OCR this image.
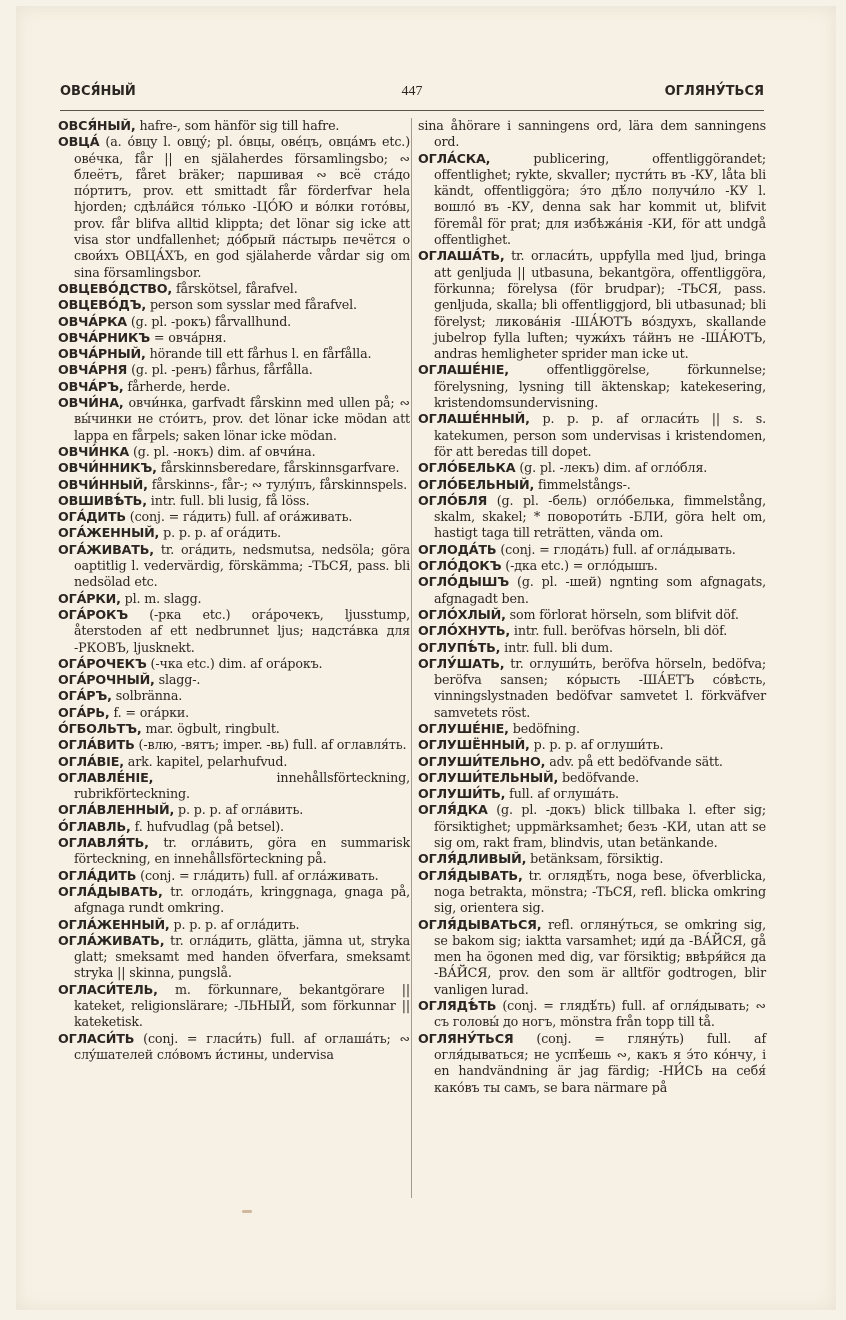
ОВСЯ́НЫЙ	447	ОГЛЯНУ́ТЬСЯ

ОВСЯ́НЫЙ, hafre-, som hänför sig till hafre.

ОВЦА́ (a. о́вцу l. овцу́; pl. о́вцы, ове́цъ, овца́мъ etc.) ове́чка, får || en själaherdes församlingsbo; ∾ блеётъ, fåret bräker; паршивая ∾ всё ста́до по́ртитъ, prov. ett smittadt får förderfvar hela hjorden; сдѣла́йся то́лько -ЦО́Ю и во́лки гото́вы, prov. får blifva alltid klippta; det lönar sig icke att visa stor undfallenhet; до́брый па́стырь печётся о свои́хъ ОВЦА́ХЪ, en god själaherde vårdar sig om sina församlingsbor.

ОВЦЕВО́ДСТВО, fårskötsel, fårafvel.

ОВЦЕВО́ДЪ, person som sysslar med fårafvel.

ОВЧА́РКА (g. pl. -рокъ) fårvallhund.

ОВЧА́РНИКЪ = овча́рня.

ОВЧА́РНЫЙ, hörande till ett fårhus l. en fårfålla.

ОВЧА́РНЯ (g. pl. -ренъ) fårhus, fårfålla.

ОВЧА́РЪ, fårherde, herde.

ОВЧИ́НА, овчи́нка, garfvadt fårskinn med ullen på; ∾ вы́чинки не сто́итъ, prov. det lönar icke mödan att lappa en fårpels; saken lönar icke mödan.

ОВЧИ́НКА (g. pl. -нокъ) dim. af овчи́на.

ОВЧИ́ННИКЪ, fårskinnsberedare, fårskinnsgarfvare.

ОВЧИ́ННЫЙ, fårskinns-, får-; ∾ тулу́пъ, fårskinnspels.

ОВШИВѢ́ТЬ, intr. full. bli lusig, få löss.

ОГА́ДИТЬ (conj. = га́дить) full. af ога́живать.

ОГА́ЖЕННЫЙ, p. p. p. af ога́дить.

ОГА́ЖИВАТЬ, tr. ога́дить, nedsmutsa, nedsöla; göra oaptitlig l. vedervärdig, förskämma; -ТЬСЯ, pass. bli nedsölad etc.

ОГА́РКИ, pl. m. slagg.

ОГА́РОКЪ (-рка etc.) ога́рочекъ, ljusstump, återstoden af ett nedbrunnet ljus; надста́вка для -РКОВЪ, ljusknekt.

ОГА́РОЧЕКЪ (-чка etc.) dim. af ога́рокъ.

ОГА́РОЧНЫЙ, slagg-.

ОГА́РЪ, solbränna.

ОГА́РЬ, f. = ога́рки.

О́ГБОЛЬТЪ, mar. ögbult, ringbult.

ОГЛА́ВИТЬ (-влю, -вятъ; imper. -вь) full. af оглавля́ть.

ОГЛА́ВІЕ, ark. kapitel, pelarhufvud.

ОГЛАВЛЕ́НІЕ,	innehållsförteckning, rubrikförteckning.

ОГЛА́ВЛЕННЫЙ, p. p. p. af огла́вить.

О́ГЛАВЛЬ, f. hufvudlag (på betsel).

ОГЛАВЛЯ́ТЬ, tr. огла́вить, göra en summarisk förteckning, en innehållsförteckning på.

ОГЛА́ДИТЬ (conj. = гла́дить) full. af огла́живать.

ОГЛА́ДЫВАТЬ, tr. оглода́ть, kringgnaga, gnaga på, afgnaga rundt omkring.

ОГЛА́ЖЕННЫЙ, p. p. p. af огла́дить.

ОГЛА́ЖИВАТЬ, tr. огла́дить, glätta, jämna ut, stryka glatt; smeksamt med handen öfverfara, smeksamt stryka || skinna, pungslå.

ОГЛАСИ́ТЕЛЬ, m. förkunnare, bekantgörare || kateket, religionslärare; -ЛЬНЫЙ, som förkunnar || kateketisk.

ОГЛАСИ́ТЬ (conj. = гласи́ть) full. af оглаша́ть; ∾ слу́шателей сло́вомъ и́стины, undervisa

sina åhörare i sanningens ord, lära dem sanningens ord.

ОГЛА́СКА,	publicering, offentliggörandet; offentlighet; rykte, skvaller; пусти́ть въ -КУ, låta bli kändt, offentliggöra; э́то дѣ́ло получи́ло -КУ l. вошло́ въ -КУ, denna sak har kommit ut, blifvit föremål för prat; для избѣжа́нія -КИ, för att undgå offentlighet.

ОГЛАША́ТЬ, tr. огласи́ть, uppfylla med ljud, bringa att genljuda || utbasuna, bekantgöra, offentliggöra, förkunna; förelysa (för brudpar); -ТЬСЯ, pass. genljuda, skalla; bli offentliggjord, bli utbasunad; bli förelyst; ликова́нія -ША́ЮТЪ во́здухъ, skallande jubelrop fylla luften; чужи́хъ та́йнъ не -ША́ЮТЪ, andras hemligheter sprider man icke ut.

ОГЛАШЕ́НІЕ,	offentliggörelse, förkunnelse; förelysning, lysning till äktenskap; katekesering, kristendomsundervisning.

ОГЛАШЕ́ННЫЙ, p. p. p. af огласи́ть || s. s. katekumen, person som undervisas i kristendomen, för att beredas till dopet.

ОГЛО́БЕЛЬКА (g. pl. -лекъ) dim. af огло́бля.

ОГЛО́БЕЛЬНЫЙ, fimmelstångs-.

ОГЛО́БЛЯ (g. pl. -бель) огло́белька, fimmelstång, skalm, skakel; * повороти́ть -БЛИ, göra helt om, hastigt taga till reträtten, vända om.

ОГЛОДА́ТЬ (conj. = глода́ть) full. af огла́дывать.

ОГЛО́ДОКЪ (-дка etc.) = огло́дышъ.

ОГЛО́ДЫШЪ (g. pl. -шей) ngnting som afgnagats, afgnagadt ben.

ОГЛО́ХЛЫЙ, som förlorat hörseln, som blifvit döf.

ОГЛО́ХНУТЬ, intr. full. beröfvas hörseln, bli döf.

ОГЛУПѢ́ТЬ, intr. full. bli dum.

ОГЛУ́ШАТЬ, tr. оглуши́ть, beröfva hörseln, bedöfva; beröfva sansen; ко́рысть -ША́ЕТЪ со́вѣсть, vinningslystnaden bedöfvar samvetet l. förkväfver samvetets röst.

ОГЛУШЕ́НІЕ, bedöfning.

ОГЛУШЁННЫЙ, p. p. p. af оглуши́ть.

ОГЛУШИ́ТЕЛЬНО, adv. på ett bedöfvande sätt.

ОГЛУШИ́ТЕЛЬНЫЙ, bedöfvande.

ОГЛУШИ́ТЬ, full. af оглуша́ть.

ОГЛЯ́ДКА (g. pl. -докъ) blick tillbaka l. efter sig; försiktighet; uppmärksamhet; безъ -КИ, utan att se sig om, rakt fram, blindvis, utan betänkande.

ОГЛЯ́ДЛИВЫЙ, betänksam, försiktig.

ОГЛЯ́ДЫВАТЬ, tr. оглядѣ́ть, noga bese, öfverblicka, noga betrakta, mönstra; -ТЬСЯ, refl. blicka omkring sig, orientera sig.

ОГЛЯ́ДЫВАТЬСЯ, refl. огляну́ться, se omkring sig, se bakom sig; iakttа varsamhet; иди́ да -ВА́ЙСЯ, gå men ha ögonen med dig, var försiktig; ввѣря́йся да -ВА́ЙСЯ, prov. den som är alltför godtrogen, blir vanligen lurad.

ОГЛЯДѢ́ТЬ (conj. = глядѣ́ть) full. af огля́дывать; ∾ съ головы́ до ногъ, mönstra från topp till tå.

ОГЛЯНУ́ТЬСЯ (conj. = гляну́ть) full. af огля́дываться; не успѣ́ешь ∾, какъ я э́то ко́нчу, i en handvändning är jag färdig; -НИ́СЬ на себя́ како́въ ты самъ, se bara närmare på
